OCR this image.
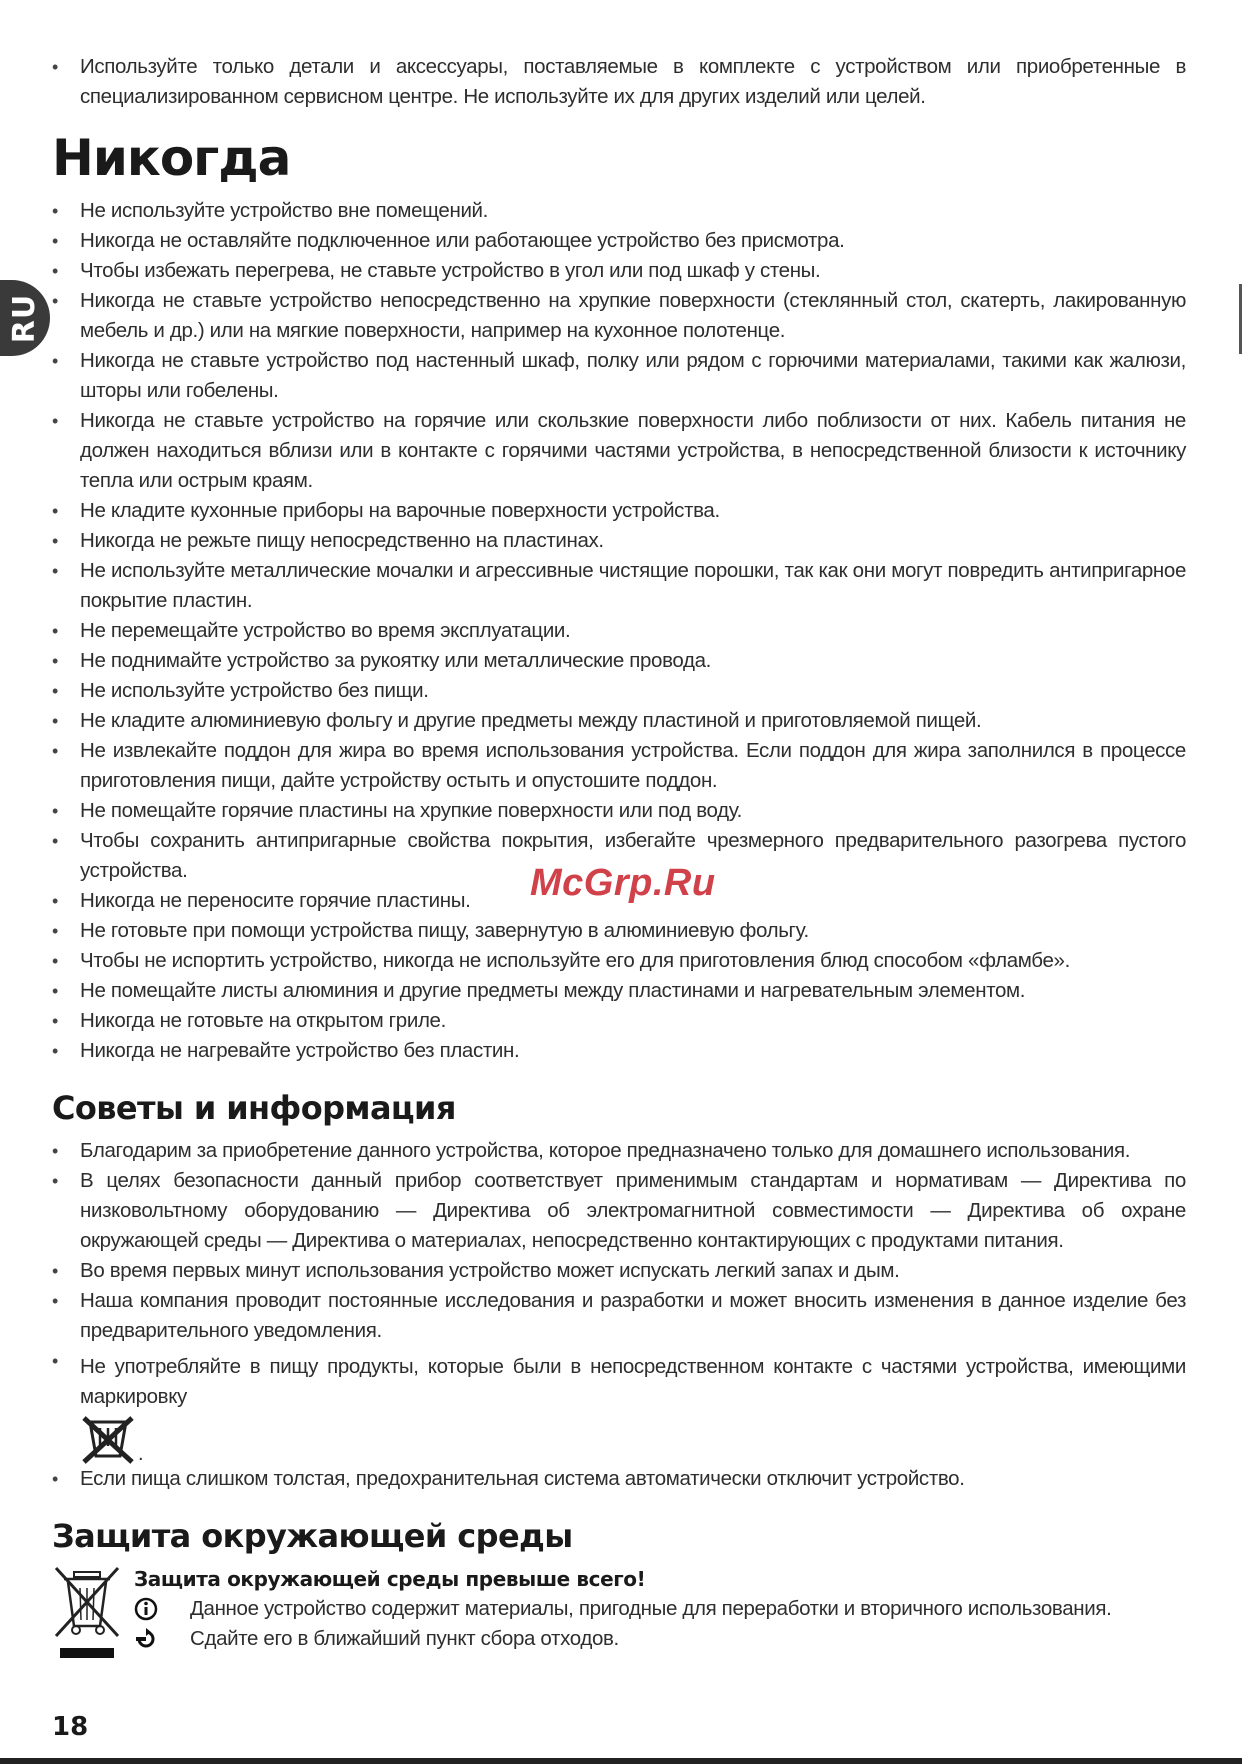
RU
• Используйте только детали и аксессуары, поставляемые в комплекте с устройством или приобретенные в специализированном сервисном центре. Не используйте их для других изделий или целей.
Никогда
• Не используйте устройство вне помещений.
• Никогда не оставляйте подключенное или работающее устройство без присмотра.
• Чтобы избежать перегрева, не ставьте устройство в угол или под шкаф у стены.
• Никогда не ставьте устройство непосредственно на хрупкие поверхности (стеклянный стол, скатерть, лакированную мебель и др.) или на мягкие поверхности, например на кухонное полотенце.
• Никогда не ставьте устройство под настенный шкаф, полку или рядом с горючими материалами, такими как жалюзи, шторы или гобелены.
• Никогда не ставьте устройство на горячие или скользкие поверхности либо поблизости от них. Кабель питания не должен находиться вблизи или в контакте с горячими частями устройства, в непосредственной близости к источнику тепла или острым краям.
• Не кладите кухонные приборы на варочные поверхности устройства.
• Никогда не режьте пищу непосредственно на пластинах.
• Не используйте металлические мочалки и агрессивные чистящие порошки, так как они могут повредить антипригарное покрытие пластин.
• Не перемещайте устройство во время эксплуатации.
• Не поднимайте устройство за рукоятку или металлические провода.
• Не используйте устройство без пищи.
• Не кладите алюминиевую фольгу и другие предметы между пластиной и приготовляемой пищей.
• Не извлекайте поддон для жира во время использования устройства. Если поддон для жира заполнился в процессе приготовления пищи, дайте устройству остыть и опустошите поддон.
• Не помещайте горячие пластины на хрупкие поверхности или под воду.
• Чтобы сохранить антипригарные свойства покрытия, избегайте чрезмерного предварительного разогрева пустого устройства.
• Никогда не переносите горячие пластины.
• Не готовьте при помощи устройства пищу, завернутую в алюминиевую фольгу.
• Чтобы не испортить устройство, никогда не используйте его для приготовления блюд способом «фламбе».
• Не помещайте листы алюминия и другие предметы между пластинами и нагревательным элементом.
• Никогда не готовьте на открытом гриле.
• Никогда не нагревайте устройство без пластин.
Советы и информация
• Благодарим за приобретение данного устройства, которое предназначено только для домашнего использования.
• В целях безопасности данный прибор соответствует применимым стандартам и нормативам — Директива по низковольтному оборудованию — Директива об электромагнитной совместимости — Директива об охране окружающей среды — Директива о материалах, непосредственно контактирующих с продуктами питания.
• Во время первых минут использования устройство может испускать легкий запах и дым.
• Наша компания проводит постоянные исследования и разработки и может вносить изменения в данное изделие без предварительного уведомления.
• Не употребляйте в пищу продукты, которые были в непосредственном контакте с частями устройства, имеющими маркировку
.
• Если пища слишком толстая, предохранительная система автоматически отключит устройство.
Защита окружающей среды
Защита окружающей среды превыше всего!
Данное устройство содержит материалы, пригодные для переработки и вторичного использования.
Сдайте его в ближайший пункт сбора отходов.
McGrp.Ru
18
